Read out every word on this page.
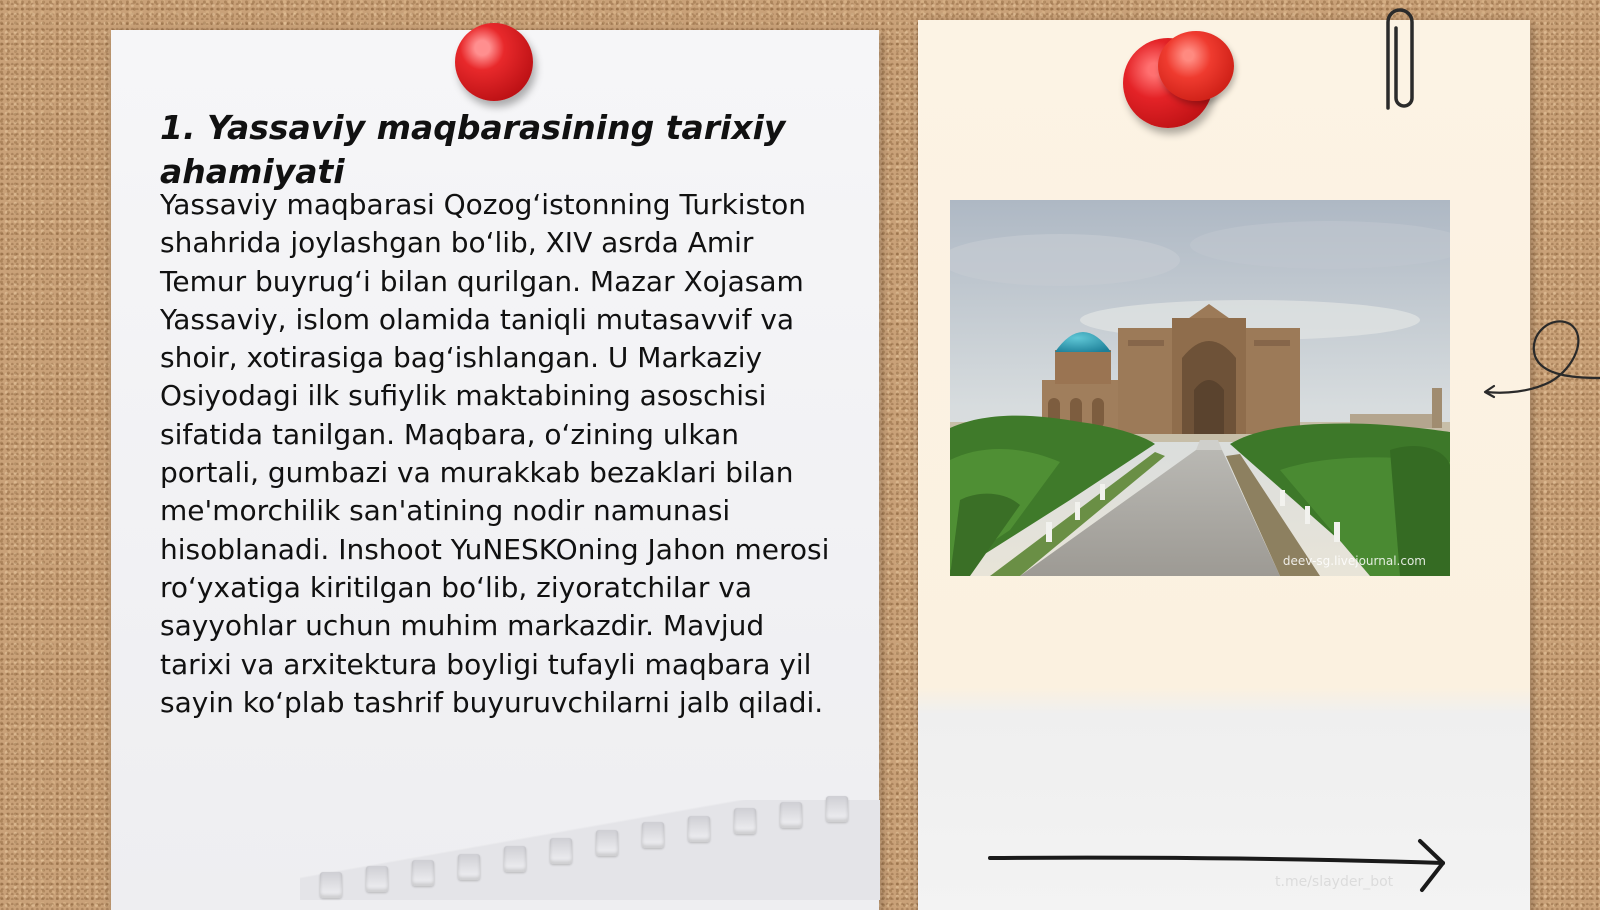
1. Yassaviy maqbarasining tarixiy ahamiyati

Yassaviy maqbarasi Qozog‘istonning Turkiston shahrida joylashgan bo‘lib, XIV asrda Amir Temur buyrug‘i bilan qurilgan. Mazar Xojasam Yassaviy, islom olamida taniqli mutasavvif va shoir, xotirasiga bag‘ishlangan. U Markaziy Osiyodagi ilk sufiylik maktabining asoschisi sifatida tanilgan. Maqbara, o‘zining ulkan portali, gumbazi va murakkab bezaklari bilan me'morchilik san'atining nodir namunasi hisoblanadi. Inshoot YuNESKOning Jahon merosi ro‘yxatiga kiritilgan bo‘lib, ziyoratchilar va sayyohlar uchun muhim markazdir. Mavjud tarixi va arxitektura boyligi tufayli maqbara yil sayin ko‘plab tashrif buyuruvchilarni jalb qiladi.

deev-sg.livejournal.com
t.me/slayder_bot
